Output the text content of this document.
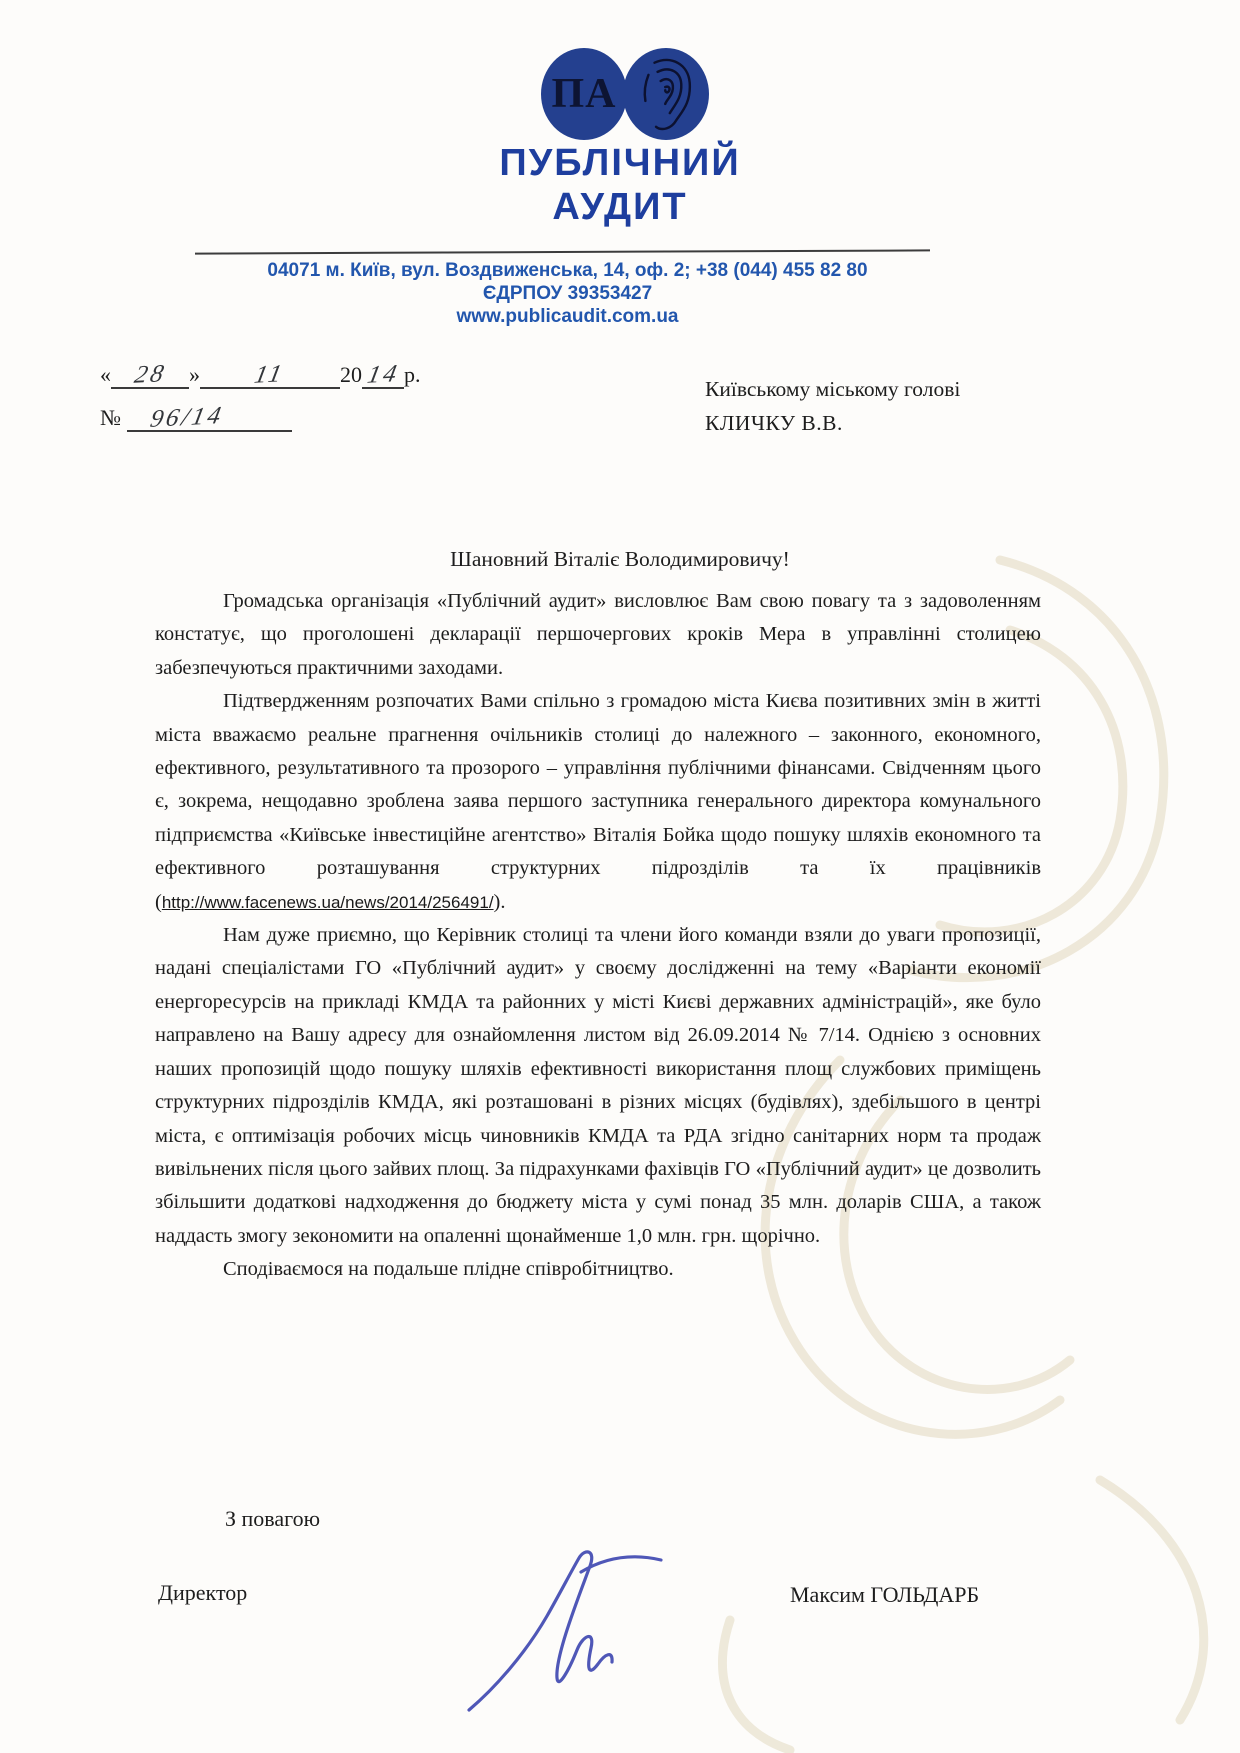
ПА
ПУБЛІЧНИЙ
АУДИТ
04071 м. Київ, вул. Воздвиженська, 14, оф. 2; +38 (044) 455 82 80
ЄДРПОУ 39353427
www.publicaudit.com.ua
« 28 » 11 20 14 р.
№ 96/14
Київському міському голові
КЛИЧКУ В.В.
Шановний Віталіє Володимировичу!

Громадська організація «Публічний аудит» висловлює Вам свою повагу та з задоволенням констатує, що проголошені декларації першочергових кроків Мера в управлінні столицею забезпечуються практичними заходами.

Підтвердженням розпочатих Вами спільно з громадою міста Києва позитивних змін в житті міста вважаємо реальне прагнення очільників столиці до належного – законного, економного, ефективного, результативного та прозорого – управління публічними фінансами. Свідченням цього є, зокрема, нещодавно зроблена заява першого заступника генерального директора комунального підприємства «Київське інвестиційне агентство» Віталія Бойка щодо пошуку шляхів економного та ефективного розташування структурних підрозділів та їх працівників (http://www.facenews.ua/news/2014/256491/).

Нам дуже приємно, що Керівник столиці та члени його команди взяли до уваги пропозиції, надані спеціалістами ГО «Публічний аудит» у своєму дослідженні на тему «Варіанти економії енергоресурсів на прикладі КМДА та районних у місті Києві державних адміністрацій», яке було направлено на Вашу адресу для ознайомлення листом від 26.09.2014 № 7/14. Однією з основних наших пропозицій щодо пошуку шляхів ефективності використання площ службових приміщень структурних підрозділів КМДА, які розташовані в різних місцях (будівлях), здебільшого в центрі міста, є оптимізація робочих місць чиновників КМДА та РДА згідно санітарних норм та продаж вивільнених після цього зайвих площ. За підрахунками фахівців ГО «Публічний аудит» це дозволить збільшити додаткові надходження до бюджету міста у сумі понад 35 млн. доларів США, а також наддасть змогу зекономити на опаленні щонайменше 1,0 млн. грн. щорічно.

Сподіваємося на подальше плідне співробітництво.

З повагою
Директор	Максим ГОЛЬДАРБ
